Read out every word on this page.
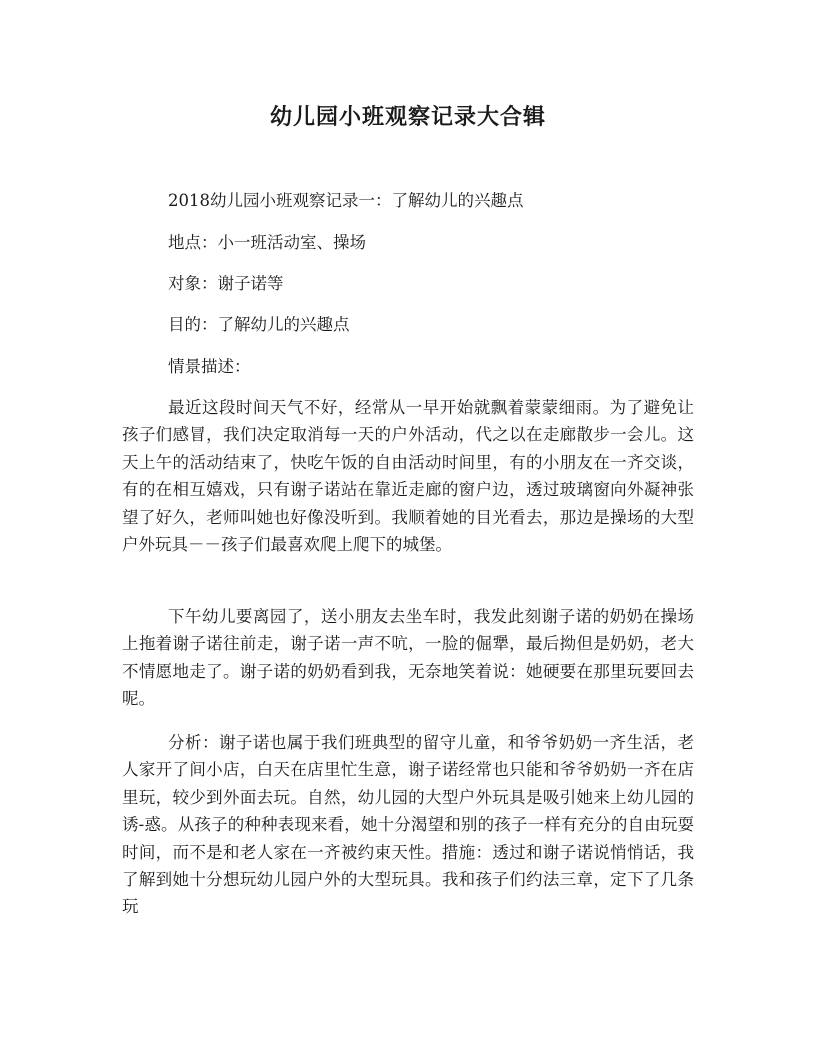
幼儿园小班观察记录大合辑

2018幼儿园小班观察记录一：了解幼儿的兴趣点

地点：小一班活动室、操场

对象：谢子诺等

目的：了解幼儿的兴趣点

情景描述：

最近这段时间天气不好，经常从一早开始就飘着蒙蒙细雨。为了避免让孩子们感冒，我们决定取消每一天的户外活动，代之以在走廊散步一会儿。这天上午的活动结束了，快吃午饭的自由活动时间里，有的小朋友在一齐交谈，有的在相互嬉戏，只有谢子诺站在靠近走廊的窗户边，透过玻璃窗向外凝神张望了好久，老师叫她也好像没听到。我顺着她的目光看去，那边是操场的大型户外玩具－－孩子们最喜欢爬上爬下的城堡。

下午幼儿要离园了，送小朋友去坐车时，我发此刻谢子诺的奶奶在操场上拖着谢子诺往前走，谢子诺一声不吭，一脸的倔犟，最后拗但是奶奶，老大不情愿地走了。谢子诺的奶奶看到我，无奈地笑着说：她硬要在那里玩要回去呢。

分析：谢子诺也属于我们班典型的留守儿童，和爷爷奶奶一齐生活，老人家开了间小店，白天在店里忙生意，谢子诺经常也只能和爷爷奶奶一齐在店里玩，较少到外面去玩。自然，幼儿园的大型户外玩具是吸引她来上幼儿园的诱-惑。从孩子的种种表现来看，她十分渴望和别的孩子一样有充分的自由玩耍时间，而不是和老人家在一齐被约束天性。措施：透过和谢子诺说悄悄话，我了解到她十分想玩幼儿园户外的大型玩具。我和孩子们约法三章，定下了几条玩
